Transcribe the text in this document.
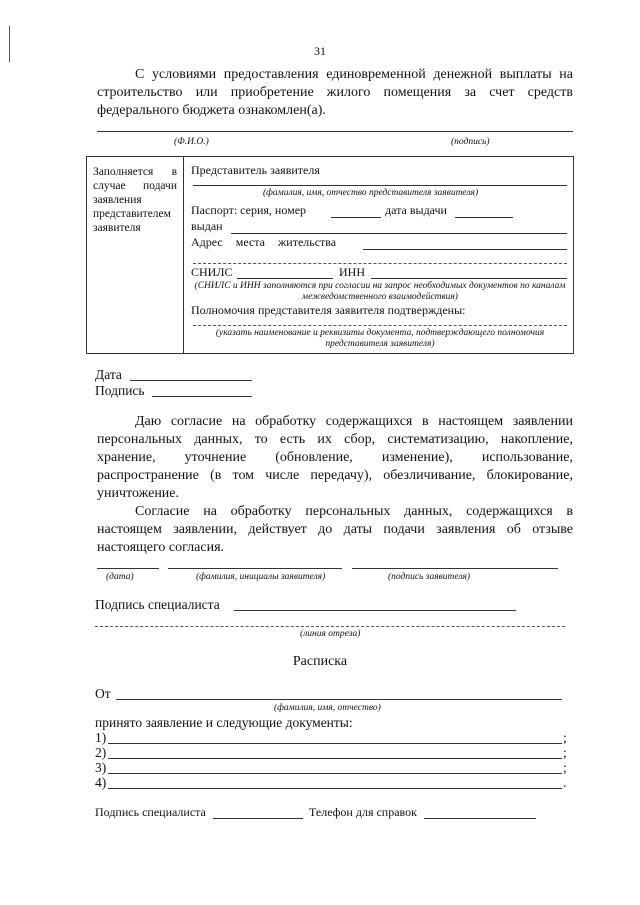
31
С условиями предоставления единовременной денежной выплаты на строительство или приобретение жилого помещения за счет средств федерального бюджета ознакомлен(а).
(Ф.И.О.)	(подпись)
Заполняется в случае подачи заявления представителем заявителя
Представитель заявителя
(фамилия, имя, отчество представителя заявителя)
Паспорт: серия, номер	дата выдачи
выдан
Адрес места жительства
СНИЛС	ИНН
(СНИЛС и ИНН заполняются при согласии на запрос необходимых документов по каналам межведомственного взаимодействия)
Полномочия представителя заявителя подтверждены:
(указать наименование и реквизиты документа, подтверждающего полномочия представителя заявителя)
Дата
Подпись

Даю согласие на обработку содержащихся в настоящем заявлении персональных данных, то есть их сбор, систематизацию, накопление, хранение, уточнение (обновление, изменение), использование, распространение (в том числе передачу), обезличивание, блокирование, уничтожение.

Согласие на обработку персональных данных, содержащихся в настоящем заявлении, действует до даты подачи заявления об отзыве настоящего согласия.

(дата)	(фамилия, инициалы заявителя)	(подпись заявителя)
Подпись специалиста
(линия отреза)
Расписка
От
(фамилия, имя, отчество)
принято заявление и следующие документы:
1)	;
2)	;
3)	;
4)	.
Подпись специалиста	Телефон для справок
